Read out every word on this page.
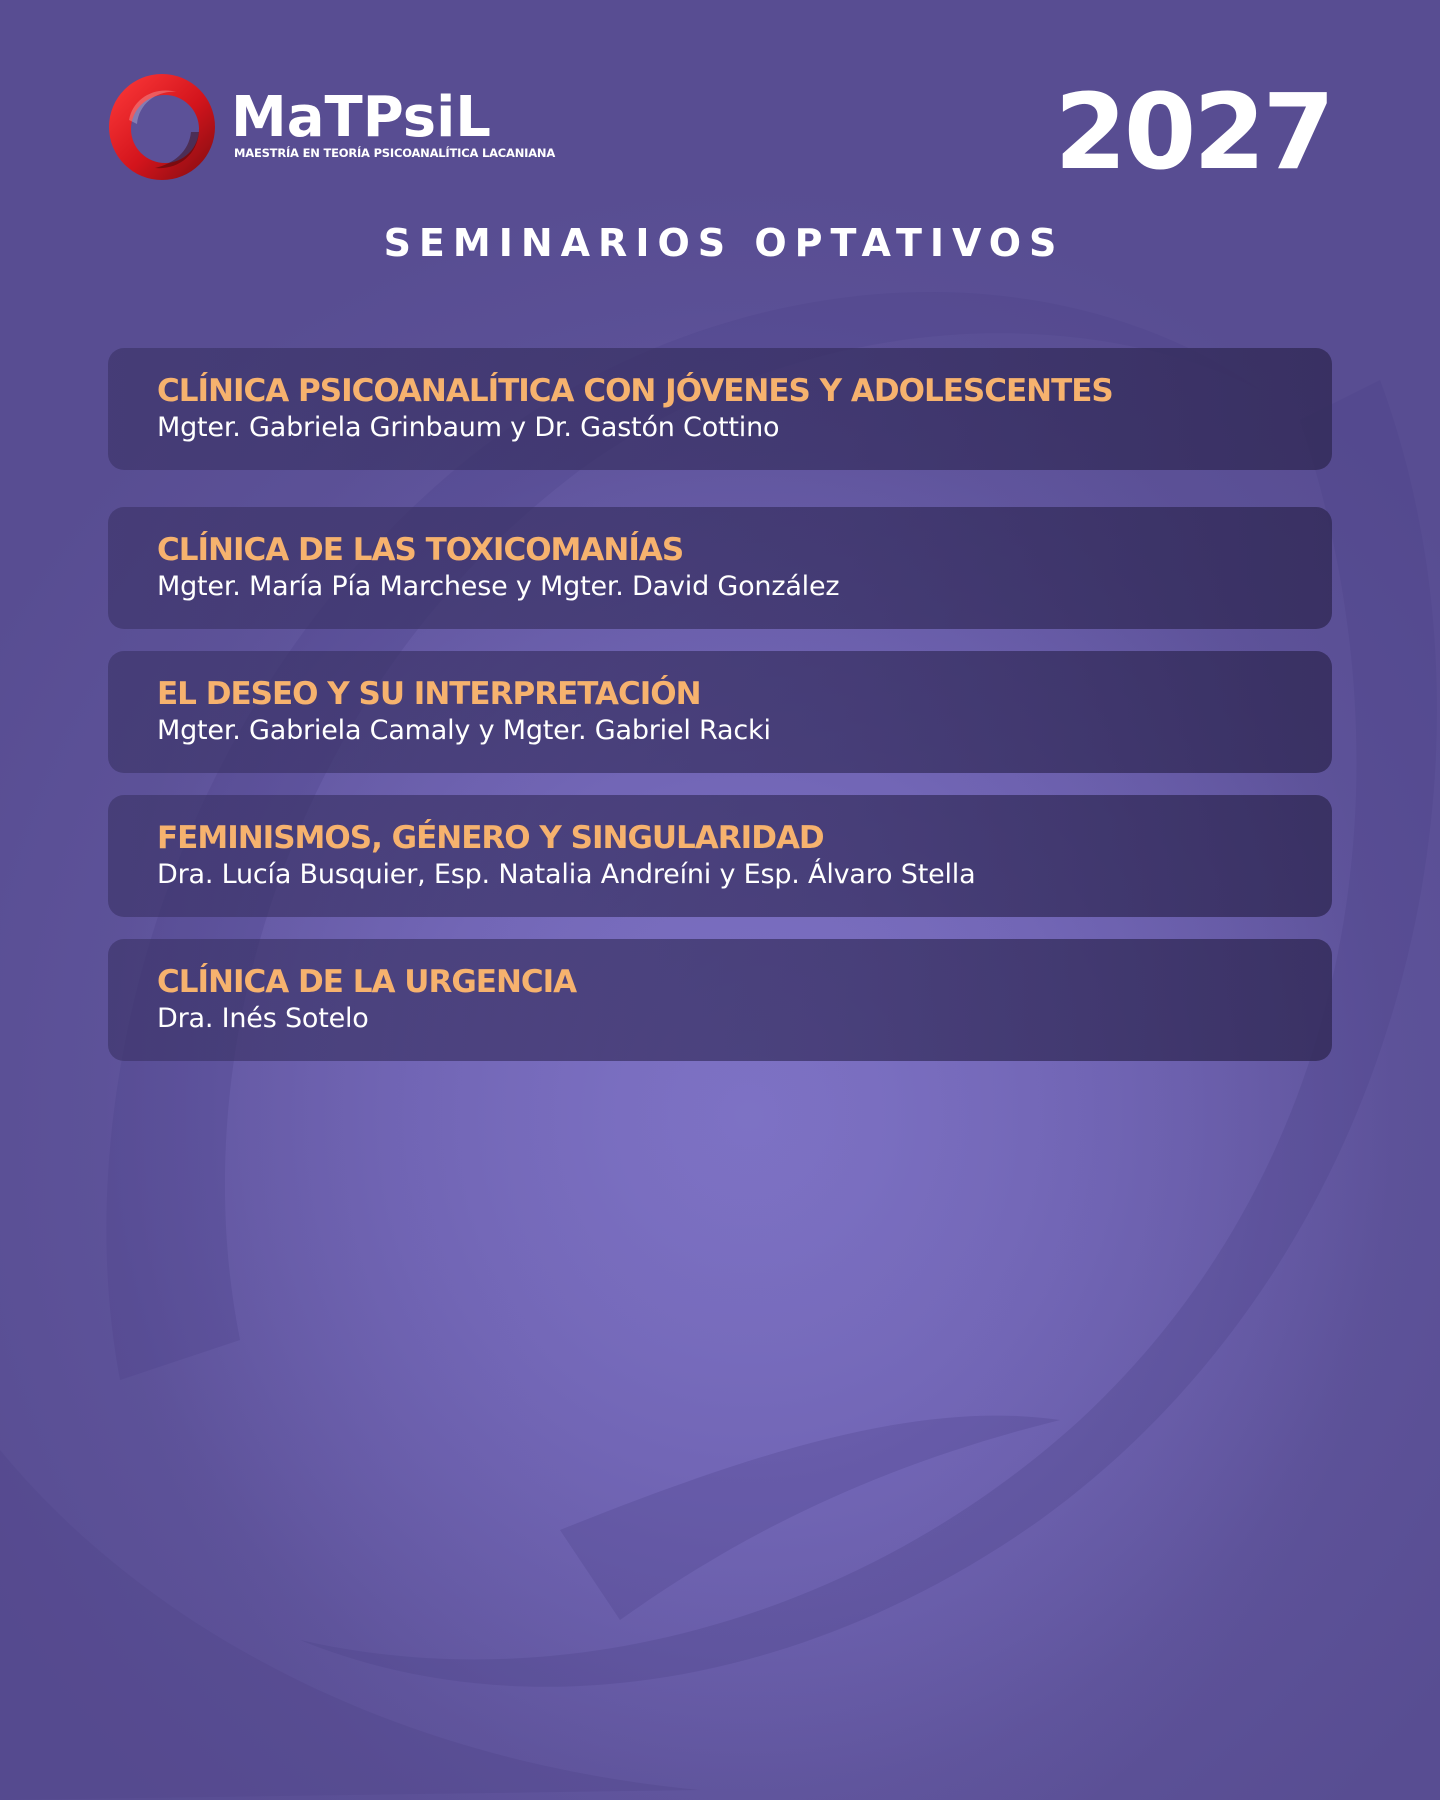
MaTPsiL
MAESTRÍA EN TEORÍA PSICOANALÍTICA LACANIANA	2027
SEMINARIOS OPTATIVOS
CLÍNICA PSICOANALÍTICA CON JÓVENES Y ADOLESCENTES
Mgter. Gabriela Grinbaum y Dr. Gastón Cottino
CLÍNICA DE LAS TOXICOMANÍAS
Mgter. María Pía Marchese y Mgter. David González
EL DESEO Y SU INTERPRETACIÓN
Mgter. Gabriela Camaly y Mgter. Gabriel Racki
FEMINISMOS, GÉNERO Y SINGULARIDAD
Dra. Lucía Busquier, Esp. Natalia Andreíni y Esp. Álvaro Stella
CLÍNICA DE LA URGENCIA
Dra. Inés Sotelo
